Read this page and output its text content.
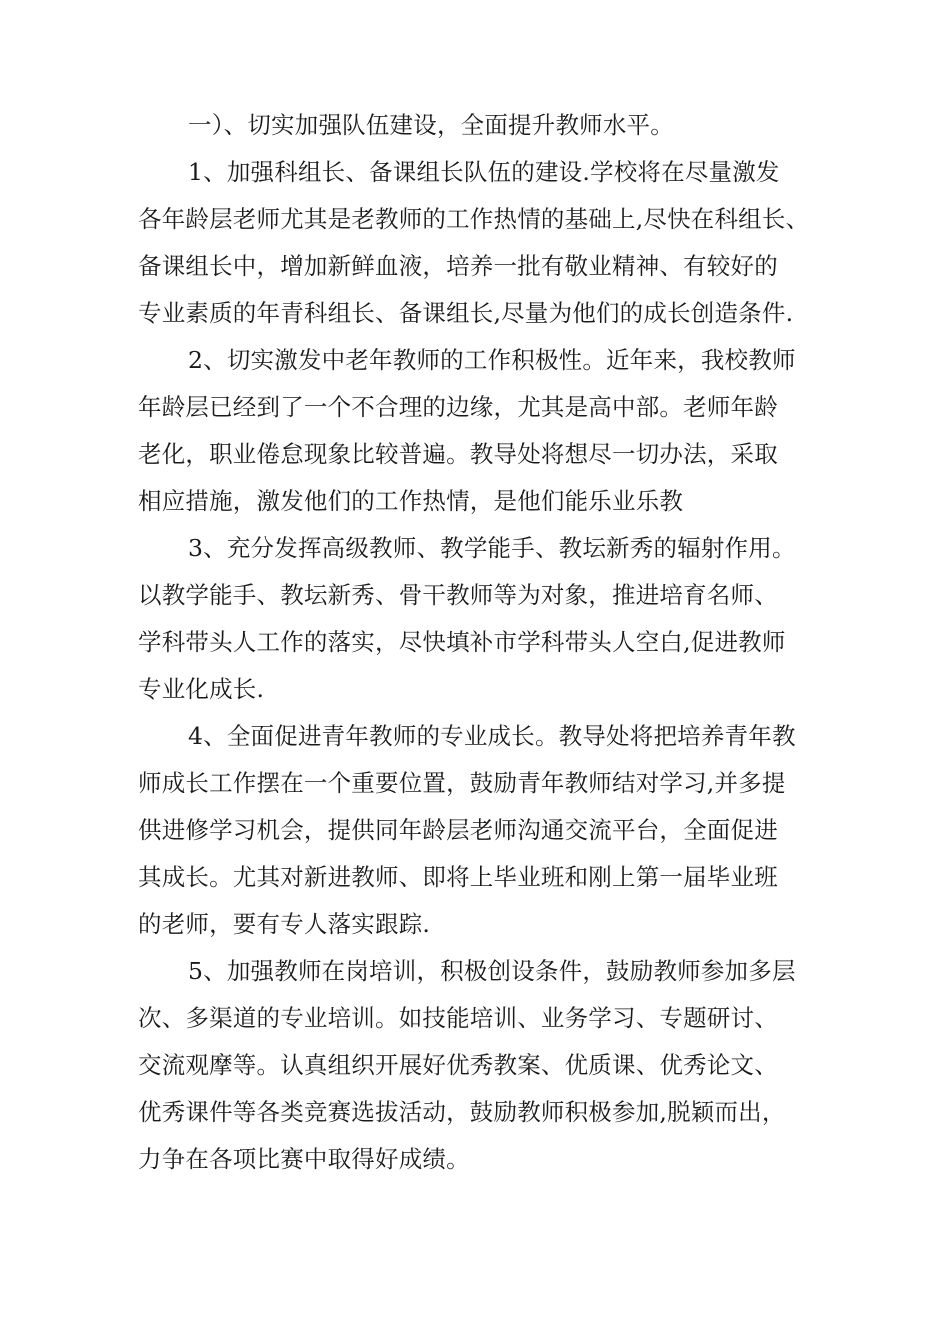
一）、切实加强队伍建设，全面提升教师水平。
1、加强科组长、备课组长队伍的建设.学校将在尽量激发
各年龄层老师尤其是老教师的工作热情的基础上,尽快在科组长、
备课组长中，增加新鲜血液，培养一批有敬业精神、有较好的
专业素质的年青科组长、备课组长,尽量为他们的成长创造条件.
2、切实激发中老年教师的工作积极性。近年来，我校教师
年龄层已经到了一个不合理的边缘，尤其是高中部。老师年龄
老化，职业倦怠现象比较普遍。教导处将想尽一切办法，采取
相应措施，激发他们的工作热情，是他们能乐业乐教
3、充分发挥高级教师、教学能手、教坛新秀的辐射作用。
以教学能手、教坛新秀、骨干教师等为对象，推进培育名师、
学科带头人工作的落实，尽快填补市学科带头人空白,促进教师
专业化成长.
4、全面促进青年教师的专业成长。教导处将把培养青年教
师成长工作摆在一个重要位置，鼓励青年教师结对学习,并多提
供进修学习机会，提供同年龄层老师沟通交流平台，全面促进
其成长。尤其对新进教师、即将上毕业班和刚上第一届毕业班
的老师，要有专人落实跟踪.
5、加强教师在岗培训，积极创设条件，鼓励教师参加多层
次、多渠道的专业培训。如技能培训、业务学习、专题研讨、
交流观摩等。认真组织开展好优秀教案、优质课、优秀论文、
优秀课件等各类竞赛选拔活动，鼓励教师积极参加,脱颖而出，
力争在各项比赛中取得好成绩。
